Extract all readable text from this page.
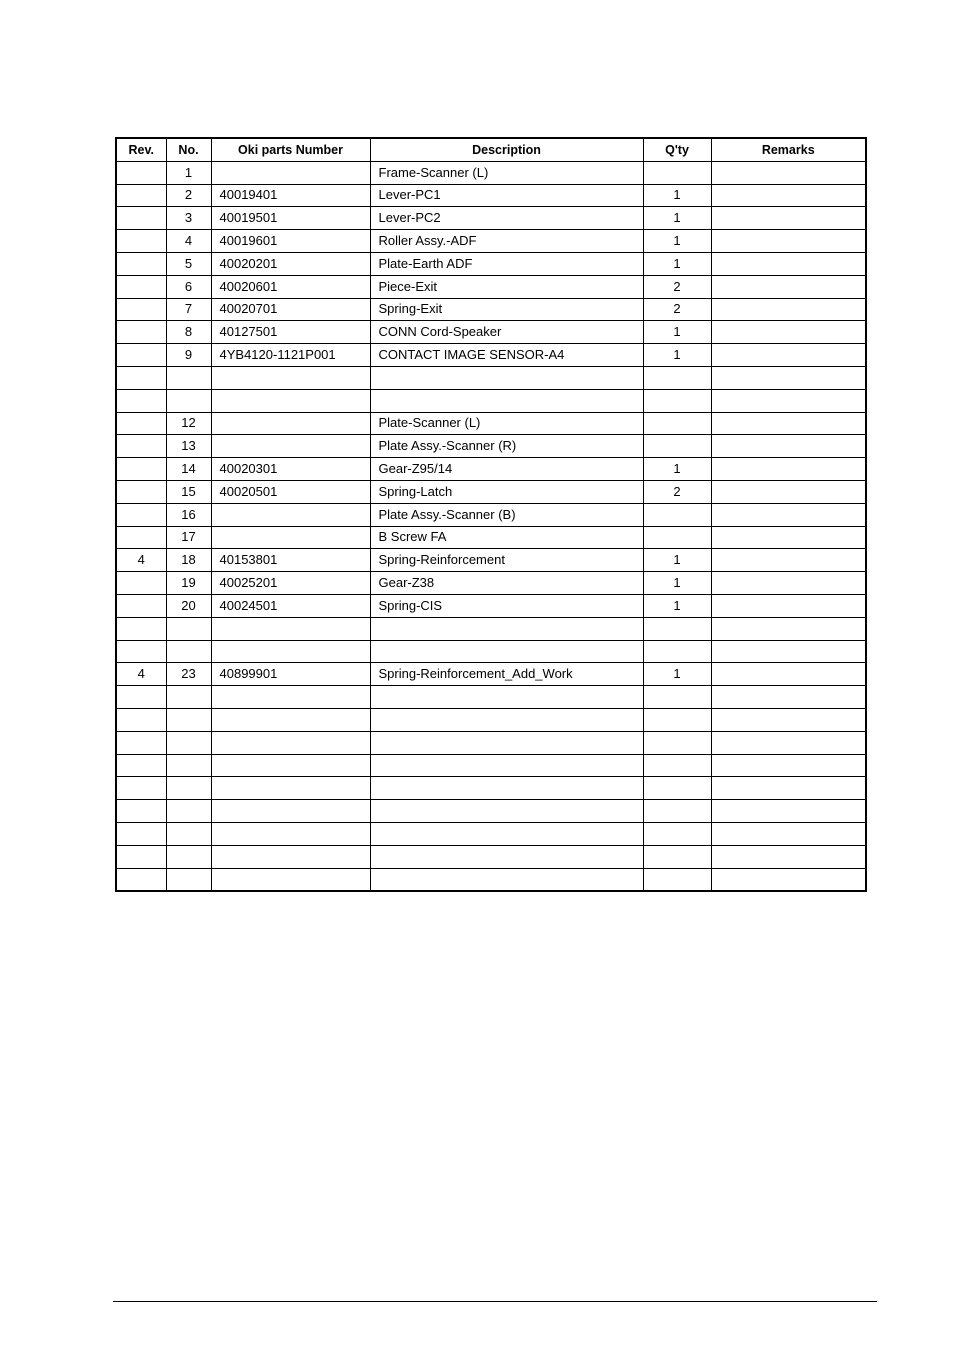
Rev.	No.	Oki parts Number	Description	Q'ty	Remarks
	1		Frame-Scanner (L)		
	2	40019401	Lever-PC1	1	
	3	40019501	Lever-PC2	1	
	4	40019601	Roller Assy.-ADF	1	
	5	40020201	Plate-Earth ADF	1	
	6	40020601	Piece-Exit	2	
	7	40020701	Spring-Exit	2	
	8	40127501	CONN Cord-Speaker	1	
	9	4YB4120-1121P001	CONTACT IMAGE SENSOR-A4	1	

	12		Plate-Scanner (L)		
	13		Plate Assy.-Scanner (R)		
	14	40020301	Gear-Z95/14	1	
	15	40020501	Spring-Latch	2	
	16		Plate Assy.-Scanner (B)		
	17		B Screw FA		
4	18	40153801	Spring-Reinforcement	1	
	19	40025201	Gear-Z38	1	
	20	40024501	Spring-CIS	1	

4	23	40899901	Spring-Reinforcement_Add_Work	1	
